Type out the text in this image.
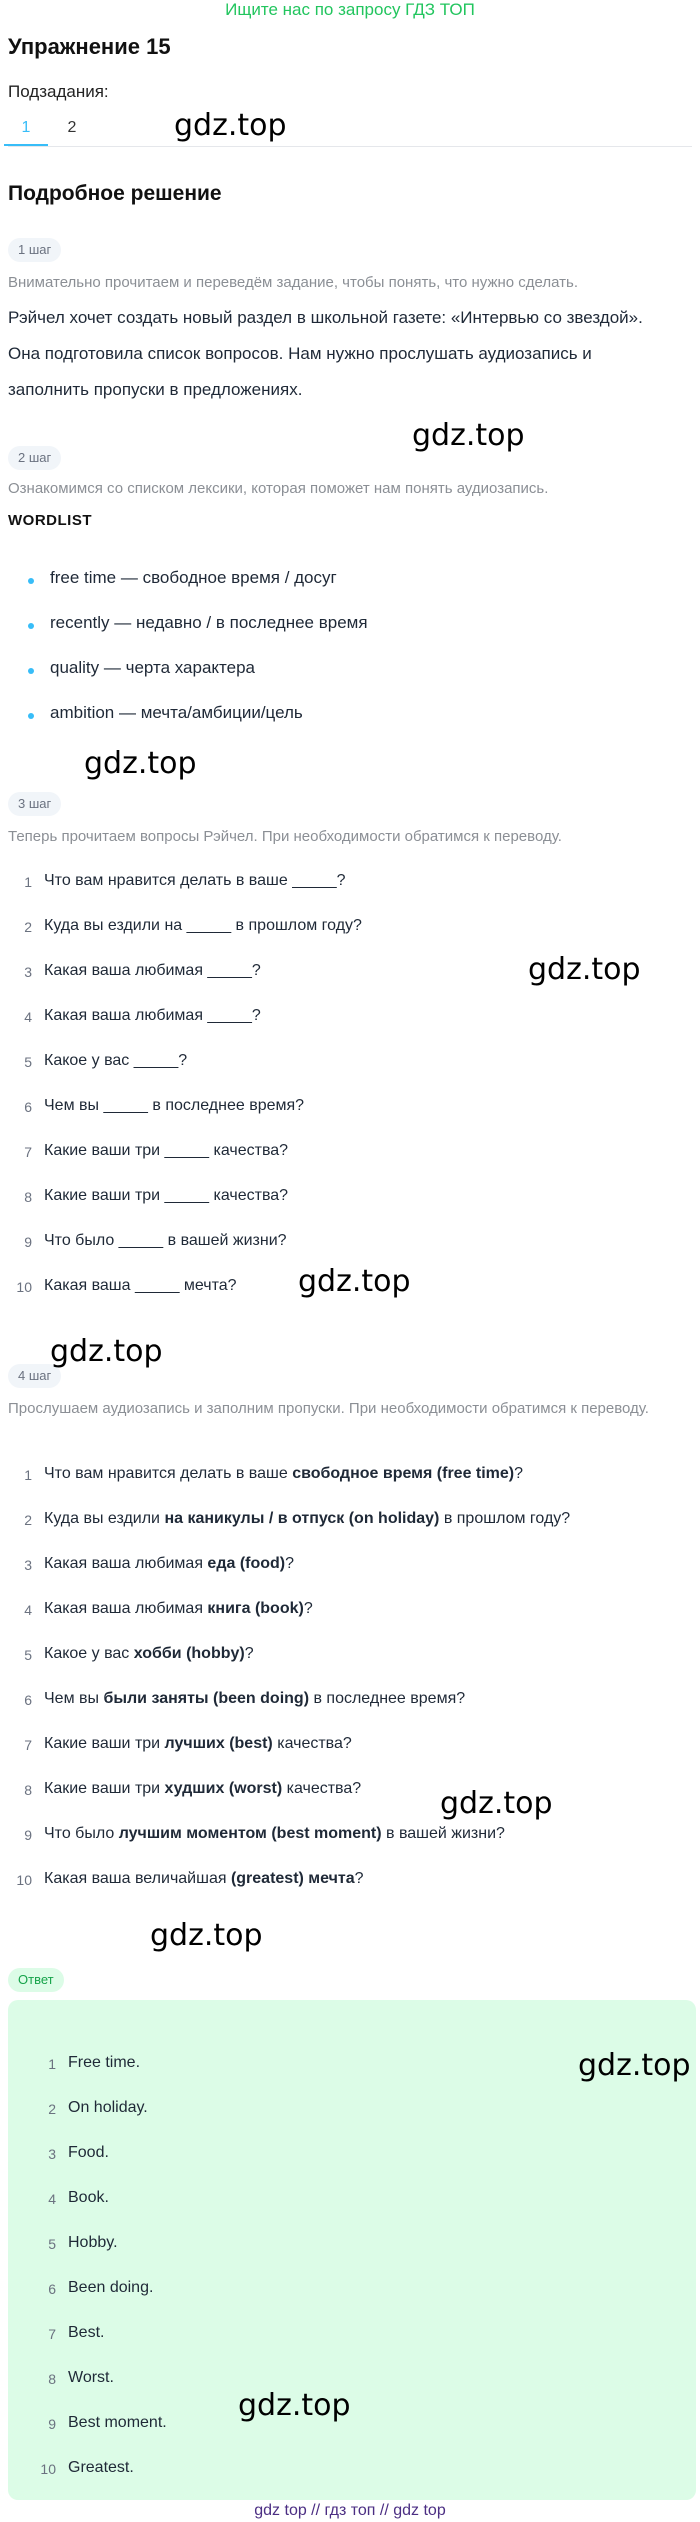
Ищите нас по запросу ГДЗ ТОП
Упражнение 15
Подзадания:
1	2
Подробное решение
1 шаг
Внимательно прочитаем и переведём задание, чтобы понять, что нужно сделать.
Рэйчел хочет создать новый раздел в школьной газете: «Интервью со звездой». Она подготовила список вопросов. Нам нужно прослушать аудиозапись и заполнить пропуски в предложениях.
2 шаг
Ознакомимся со списком лексики, которая поможет нам понять аудиозапись.
WORDLIST
free time — свободное время / досуг
recently — недавно / в последнее время
quality — черта характера
ambition — мечта/амбиции/цель
3 шаг
Теперь прочитаем вопросы Рэйчел. При необходимости обратимся к переводу.
1 Что вам нравится делать в ваше _____?
2 Куда вы ездили на _____ в прошлом году?
3 Какая ваша любимая _____?
4 Какая ваша любимая _____?
5 Какое у вас _____?
6 Чем вы _____ в последнее время?
7 Какие ваши три _____ качества?
8 Какие ваши три _____ качества?
9 Что было _____ в вашей жизни?
10 Какая ваша _____ мечта?
4 шаг
Прослушаем аудиозапись и заполним пропуски. При необходимости обратимся к переводу.
1 Что вам нравится делать в ваше свободное время (free time)?
2 Куда вы ездили на каникулы / в отпуск (on holiday) в прошлом году?
3 Какая ваша любимая еда (food)?
4 Какая ваша любимая книга (book)?
5 Какое у вас хобби (hobby)?
6 Чем вы были заняты (been doing) в последнее время?
7 Какие ваши три лучших (best) качества?
8 Какие ваши три худших (worst) качества?
9 Что было лучшим моментом (best moment) в вашей жизни?
10 Какая ваша величайшая (greatest) мечта?
Ответ
1 Free time.
2 On holiday.
3 Food.
4 Book.
5 Hobby.
6 Been doing.
7 Best.
8 Worst.
9 Best moment.
10 Greatest.
gdz.top
gdz.top
gdz.top
gdz.top
gdz.top
gdz.top
gdz.top
gdz.top
gdz.top
gdz.top
gdz top // гдз топ // gdz top
